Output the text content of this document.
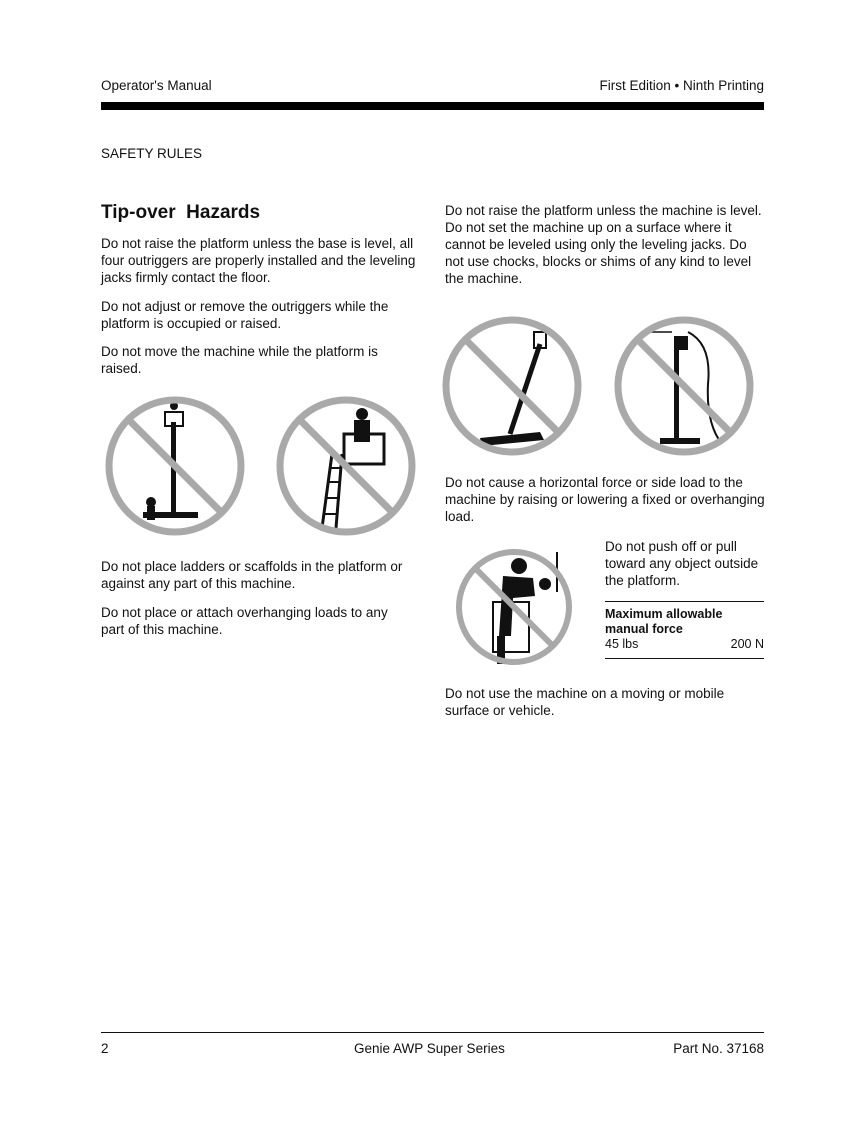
Operator's Manual	First Edition • Ninth Printing
SAFETY RULES
Tip-over  Hazards
Do not raise the platform unless the base is level, all four outriggers are properly installed and the leveling jacks firmly contact the floor.
Do not adjust or remove the outriggers while the platform is occupied or raised.
Do not move the machine while the platform is raised.
Do not place ladders or scaffolds in the platform or against any part of this machine.
Do not place or attach overhanging loads to any part of this machine.
Do not raise the platform unless the machine is level. Do not set the machine up on a surface where it cannot be leveled using only the leveling jacks. Do not use chocks, blocks or shims of any kind to level the machine.
Do not cause a horizontal force or side load to the machine by raising or lowering a fixed or overhanging load.
Do not push off or pull toward any object outside the platform.
Maximum allowable manual force
45 lbs	200 N
Do not use the machine on a moving or mobile surface or vehicle.
2	Genie AWP Super Series	Part No. 37168
